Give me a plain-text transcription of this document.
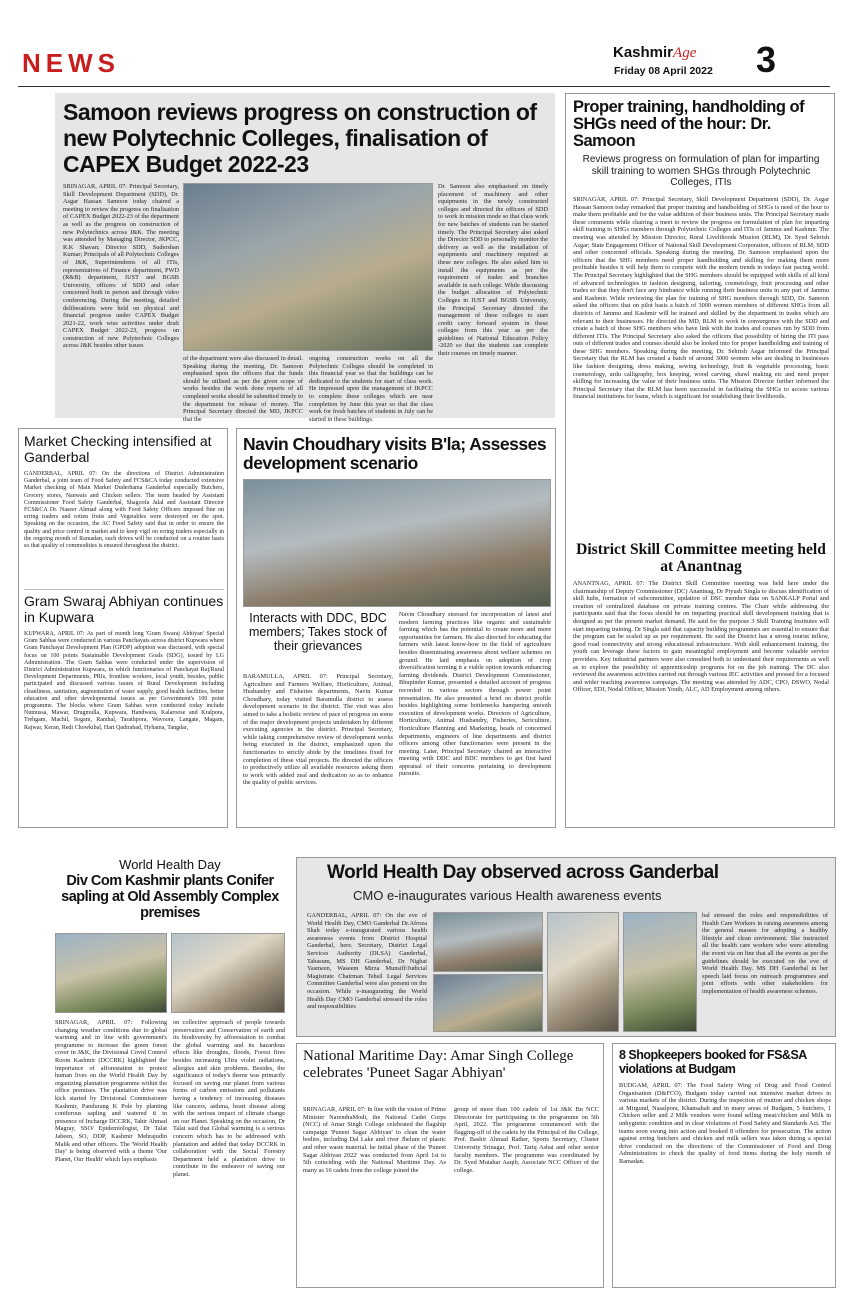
NEWS	KashmirAge
Friday 08 April 2022 3
Samoon reviews progress on construction of new Polytechnic Colleges, finalisation of CAPEX Budget 2022-23
SRINAGAR, APRIL 07: Principal Secretary, Skill Development Department (SDD), Dr. Asgar Hassan Samoon today chaired a meeting to review the progress on finalisation of CAPEX Budget 2022-23 of the department as well as the progress on construction of new Polytechnics across J&K. The meeting was attended by Managing Director, JKPCC, R.K Shavan; Director SDD, Sudershan Kumar; Principals of all Polytechnic Colleges of J&K, Superintendents of all ITIs, representatives of Finance department, PWD (R&B) department, IUST and BGSB University, officers of SDD and other concerned both in person and through video conferencing. During the meeting, detailed deliberations were held on physical and financial progress under CAPEX Budget 2021-22, work wise activities under draft CAPEX Budget 2022-23, progress on construction of new Polytechnic Colleges across J&K besides other issues
of the department were also discussed in detail. Speaking during the meeting, Dr. Samoon emphasised upon the officers that the funds should be utilised as per the given scope of works besides the work done reports of all completed works should be submitted timely to the department for release of money. The Principal Secretary directed the MD, JKPCC that the
ongoing construction works on all the Polytechnic Colleges should be completed in this financial year so that the buildings can be dedicated to the students for start of class work. He impressed upon the management of JKPCC to complete these colleges which are near completion by June this year so that the class work for fresh batches of students in July can be started in these buildings.
Dr. Samoon also emphasised on timely placement of machinery and other equipments in the newly constructed colleges and directed the officers of SDD to work in mission mode so that class work for new batches of students can be started timely. The Principal Secretary also asked the Director SDD to personally monitor the delivery as well as the installation of equipments and machinery required at these new colleges. He also asked him to install the equipments as per the requirement of trades and branches available in each college. While discussing the budget allocation of Polytechnic Colleges in IUST and BGSB University, the Principal Secretary directed the management of these colleges to start credit carry forward system in these colleges from this year as per the guidelines of National Education Policy -2020 so that the students can complete their courses on timely manner.
Proper training, handholding of SHGs need of the hour: Dr. Samoon
Reviews progress on formulation of plan for imparting skill training to women SHGs through Polytechnic Colleges, ITIs
SRINAGAR, APRIL 07: Principal Secretary, Skill Development Department (SDD), Dr. Asgar Hassan Samoon today remarked that proper training and handholding of SHGs is need of the hour to make them profitable and for the value addition of their business units. The Principal Secretary made these comments while chairing a meet to review the progress on formulation of plan for imparting skill training to SHGs members through Polytechnic Colleges and ITIs of Jammu and Kashmir. The meeting was attended by Mission Director, Rural Livelihoods Mission (RLM), Dr. Syed Sehrish Asgar; State Engagement Officer of National Skill Development Corporation, officers of RLM, SDD and other concerned officials. Speaking during the meeting, Dr. Samoon emphasised upon the officers that the SHG members need proper handholding and skilling for making them more profitable besides it will help them to compete with the modern trends in todays fast pacing world. The Principal Secretary highlighted that the SHG members should be equipped with skills of all kind of advanced technologies in fashion designing, tailoring, cosmetology, fruit processing and other trades so that they don't face any hindrance while running their business units in any part of Jammu and Kashmir. While reviewing the plan for training of SHG members through SDD, Dr. Samoon asked the officers that on pilot basis a batch of 3000 women members of different SHGs from all districts of Jammu and Kashmir will be trained and skilled by the department in trades which are relevant to their businesses. He directed the MD, RLM to work in convergence with the SDD and create a batch of those SHG members who have link with the trades and courses run by SDD from different ITIs. The Principal Secretary also asked the officers that possibility of hiring the ITI pass outs of different trades and courses should also be looked into for proper handholding and training of these SHG members. Speaking during the meeting, Dr. Sehrish Asgar informed the Principal Secretary that the RLM has created a batch of around 3000 women who are dealing in businesses like fashion designing, dress making, sewing technology, fruit & vegetable processing, basic cosmetology, urdu calligraphy, box keeping, wood carving, shawl making etc and need proper skilling for increasing the value of their business units. The Mission Director further informed the Principal Secretary that the RLM has been successful in facilitating the SHGs to access various financial institutions for loans, which is significant for establishing their livelihoods.
District Skill Committee meeting held at Anantnag
ANANTNAG, APRIL 07: The District Skill Committee meeting was held here under the chairmanship of Deputy Commissioner (DC) Anantnag, Dr Piyush Singla to discuss identification of skill hubs, formation of subcommittee, updation of DSC member data on SANKALP Portal and creation of centralized database on private training centres. The Chair while addressing the participants said that the focus should be on imparting practical skill development training that is designed as per the present market demand. He said for the purpose 3 Skill Training Institutes will start imparting training. Dr Singla said that capacity building programmes are essential to ensure that the program can be scaled up as per requirement. He said the District has a strong tourist inflow, good road connectivity and strong educational infrastructure. With skill enhancement training, the youth can leverage these factors to gain meaningful employment and become valuable service providers. Key industrial partners were also consulted both to understand their requirements as well as to explore the possibility of apprenticeship programs for on the job training. The DC also reviewed the awareness activities carried out through various IEC activities and pressed for a focused and wider reaching awareness campaign. The meeting was attended by ADC, CPO, DSWO, Nodal Officer, EDI, Nodal Officer, Mission Youth, ALC, AD Employment among others.
Market Checking intensified at Ganderbal
GANDERBAL, APRIL 07: On the directions of District Administration Ganderbal, a joint team of Food Safety and FCS&CA today conducted extensive Market checking of Main Market Duderhama Ganderbal especially Butchers, Grocery stores, Nanwais and Chicken sellers. The team headed by Assistant Commissioner Food Safety Ganderbal, Shagoofa Jalal and Assistant Director FCS&CA Dr. Naseer Ahmad along with Food Safety Officers imposed fine on erring traders and rotten fruits and Vegetables were destroyed on the spot. Speaking on the occasion, the AC Food Safety said that in order to ensure the quality and price control in market and to keep vigil on erring traders especially in the ongoing month of Ramadan, such drives will be conducted on a routine basis so that quality of commodities is ensured throughout the district.
Gram Swaraj Abhiyan continues in Kupwara
KUPWARA, APRIL 07: As part of month long 'Gram Swaraj Abhiyan' Special Gram Sabhas were conducted in various Panchayats across district Kupwara where Gram Panchayat Development Plan (GPDP) adoption was discussed, with special focus on 100 points Sustainable Development Goals (SDG), issued by LG Administration. The Gram Sabhas were conducted under the supervision of District Administration Kupwara, in which functionaries of Panchayat Raj/Rural Development Departments, PRIs, frontline workers, local youth, besides, public participated and discussed various issues of Rural Development including cleanliness, sanitation, augmentation of water supply, good health facilities, better education and other developmental issues as per Government's 100 point programme. The blocks where Gram Sabhas were conducted today include Nutnussa, Mawar, Drugmulla, Kupwara, Handwara, Kalaroose and Kralpora, Trehgam, Machil, Sogam, Ramhal, Tarathpora, Wavoora, Langate, Magam, Rajwar, Keran, Redi Chowkibal, Hari Qadirabad, Hyhama, Tangdar,
Navin Choudhary visits B'la; Assesses development scenario
Interacts with DDC, BDC members; Takes stock of their grievances
BARAMULLA, APRIL 07: Principal Secretary, Agriculture and Farmers Welfare, Horticulture, Animal, Husbandry and Fisheries departments, Navin Kumar Choudhary, today visited Baramulla district to assess development scenario in the district. The visit was also aimed to take a holistic review of pace of progress on some of the major development projects undertaken by different executing agencies in the district. Principal Secretary, while taking comprehensive review of development works being executed in the district, emphasized upon the functionaries to strictly abide by the timelines fixed for completion of these vital projects. He directed the officers to productively utilize all available resources asking them to work with added zeal and dedication so as to enhance the quality of public services.
Navin Choudhary stressed for incorporation of latest and modern farming practices like organic and sustainable farming which has the potential to create more and more opportunities for farmers. He also directed for educating the farmers with latest know-how in the field of agriculture besides disseminating awareness about welfare schemes on ground. He laid emphasis on adoption of crop diversification terming it a viable option towards enhancing farming dividends. District Development Commissioner, Bhupinder Kumar, presented a detailed account of progress recorded in various sectors through power point presentation. He also presented a brief on district profile besides highlighting some bottlenecks hampering smooth execution of development works. Directors of Agriculture, Horticulture, Animal Husbandry, Fisheries, Sericulture, Horticulture Planning and Marketing, heads of concerned departments, engineers of line departments and district officers among other functionaries were present in the meeting. Later, Principal Secretary chaired an interactive meeting with DDC and BDC members to get first hand appraisal of their concerns pertaining to development pursuits.
World Health Day
Div Com Kashmir plants Conifer sapling at Old Assembly Complex premises
SRINAGAR, APRIL 07: Following changing weather conditions due to global warming and in line with government's programme to increase the green forest cover in J&K, the Divisional Covid Control Room Kashmir (DCCRK) highlighted the importance of afforestation to protect human lives on the World Health Day by organizing plantation programme within the office premises. The plantation drive was kick started by Divisional Commissioner Kashmir, Pandurang K Pole by planting coniferous sapling and watered it in presence of Incharge DCCRK, Tahir Ahmad Magray, SSO/ Epidemiologist, Dr Talat Jabeen, SO, DDP, Kashmir Mehrajudin Malik and other officers. The 'World Health Day' is being observed with a theme 'Our Planet, Our Health' which lays emphasis
on collective approach of people towards preservation and Conservation of earth and its biodiversity by afforestation to combat the global warming and its hazardous effects like droughts, floods, Forest fires besides increasing Ultra violet radiations, allergies and skin problems. Besides, the significance of today's theme was primarily focused on saving our planet from various forms of carbon emissions and pollutants having a tendency of increasing diseases like cancers, asthma, heart disease along with the serious impact of climate change on our Planet. Speaking on the occasion, Dr Talat said that Global warming is a serious concern which has to be addressed with plantation and added that today DCCRK in collaboration with the Social Forestry Department held a plantation drive to contribute in the endeavor of saving our planet.
World Health Day observed across Ganderbal
CMO e-inaugurates various Health awareness events
GANDERBAL, APRIL 07: On the eve of World Health Day, CMO Ganderbal Dr.Afroza Shah today e-inaugurated various health awareness events from District Hospital Ganderbal, here. Secretary, District Legal Services Authority (DLSA) Ganderbal, Tabasum, MS DH Ganderbal, Dr Nighat Yasmeen, Waseem Mirza Munsiff/Judicial Magistrate Chairman Tehsil Legal Services Committee Ganderbal were also present on the occasion. While e-inaugurating the World Health Day CMO Ganderbal stressed the roles and responsibilities
bal stressed the roles and responsibilities of Health Care Workers in raising awareness among the general masses for adopting a healthy lifestyle and clean environment. She instructed all the health care workers who were attending the event via on line that all the events as per the guidelines should be executed on the eve of World Health Day. MS DH Ganderbal in her speech laid focus on outreach programmes and joint efforts with other stakeholders for implementation of health awareness schemes.
National Maritime Day: Amar Singh College celebrates 'Puneet Sagar Abhiyan'
SRINAGAR, APRIL 07: In line with the vision of Prime Minister NarendraModi, the National Cadet Corps (NCC) of Amar Singh College celebrated the flagship campaign 'Puneet Sagar Abhiyan' to clean the water bodies, including Dal Lake and river Jhelum of plastic and other waste material. he initial phase of the 'Puneet Sagar Abhiyan 2022' was conducted from April 1st to 5th coinciding with the National Maritime Day. As many as 16 cadets from the college joined the
group of more than 100 cadets of 1st J&K Bn NCC Directorate for participating in the programme on 5th April, 2022. The programme commenced with the flagging-off of the cadets by the Principal of the College, Prof. Bashir Ahmad Rather, Sports Secretary, Cluster University Srinagar, Prof. Tariq Ashai and other senior faculty members. The programme was coordinated by Dr. Syed Mutahar Aaqib, Associate NCC Officer of the college.
8 Shopkeepers booked for FS&SA violations at Budgam
BUDGAM, APRIL 07: The Food Safety Wing of Drug and Food Control Organisation (D&FCO), Budgam today carried out intensive market drives in various markets of the district. During the inspection of mutton and chicken shops at Mirgund, Nasalpora, Khansahab and in many areas of Budgam, 5 butchers, 1 Chicken seller and 2 Milk vendors were found selling meat/chicken and Milk in unhygienic condition and in clear violations of Food Safety and Standards Act. The teams soon swung into action and booked 8 offenders for prosecution. The action against erring butchers and chicken and milk sellers was taken during a special drive conducted on the directions of the Commissioner of Food and Drug Administration to check the quality of food items during the holy month of Ramadan.
